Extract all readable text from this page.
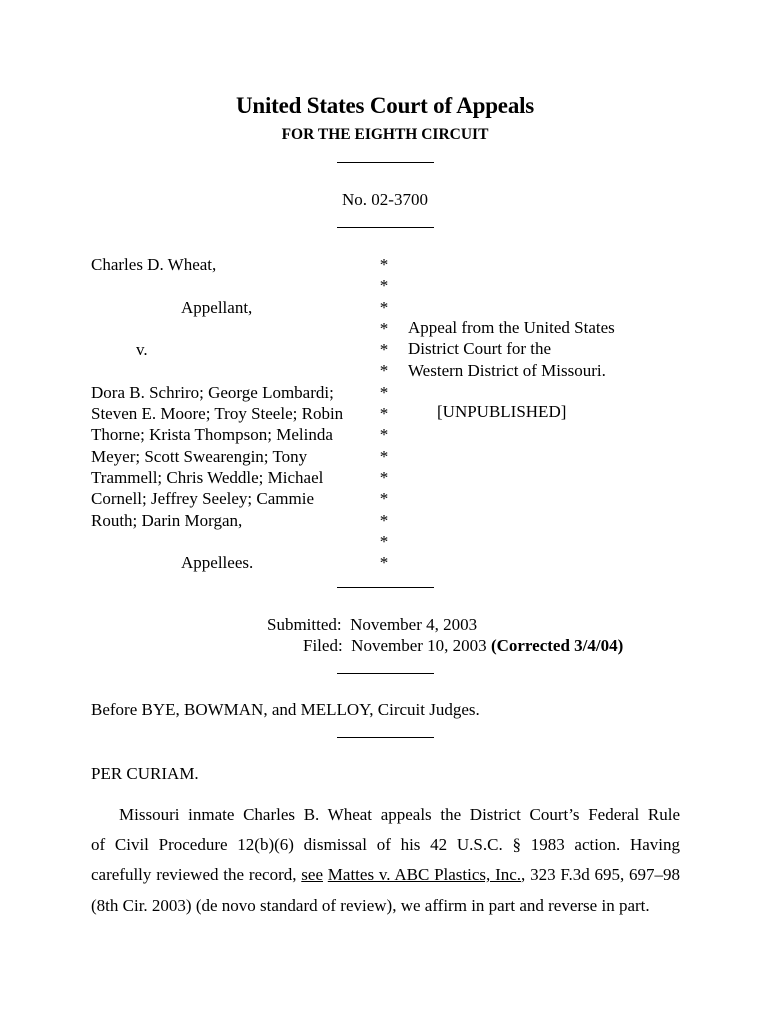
United States Court of Appeals
FOR THE EIGHTH CIRCUIT
No. 02-3700
Charles D. Wheat,
Appellant,
v.
Dora B. Schriro; George Lombardi;
Steven E. Moore; Troy Steele; Robin
Thorne; Krista Thompson; Melinda
Meyer; Scott Swearengin; Tony
Trammell; Chris Weddle; Michael
Cornell; Jeffrey Seeley; Cammie
Routh; Darin Morgan,
Appellees.
*
*
*
*
*
*
*
*
*
*
*
*
*
*
*
Appeal from the United States
District Court for the
Western District of Missouri.
[UNPUBLISHED]
Submitted: November 4, 2003
Filed: November 10, 2003 (Corrected 3/4/04)
Before BYE, BOWMAN, and MELLOY, Circuit Judges.
PER CURIAM.
Missouri inmate Charles B. Wheat appeals the District Court’s Federal Rule
of Civil Procedure 12(b)(6) dismissal of his 42 U.S.C. § 1983 action. Having
carefully reviewed the record, see Mattes v. ABC Plastics, Inc., 323 F.3d 695, 697–98
(8th Cir. 2003) (de novo standard of review), we affirm in part and reverse in part.
